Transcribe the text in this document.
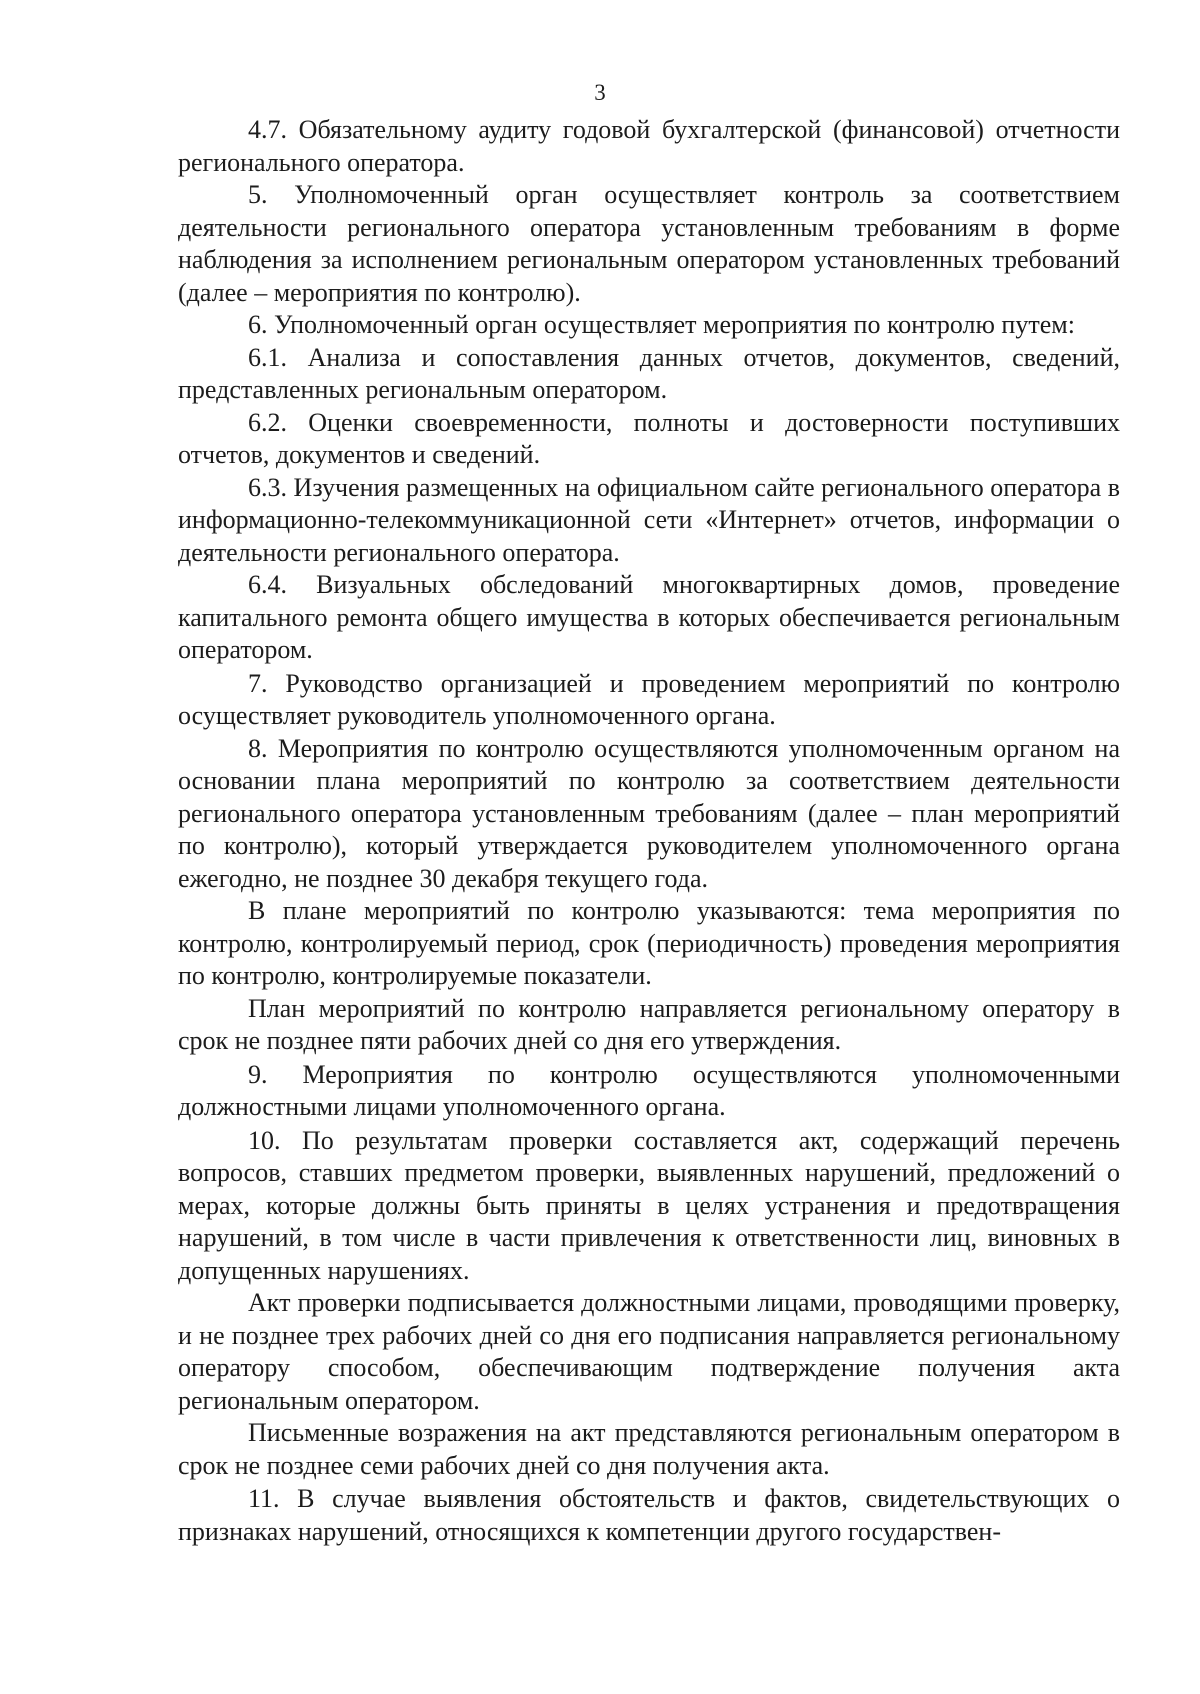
3

4.7. Обязательному аудиту годовой бухгалтерской (финансовой) отчетности регионального оператора.

5. Уполномоченный орган осуществляет контроль за соответствием деятельности регионального оператора установленным требованиям в форме наблюдения за исполнением региональным оператором установленных требований (далее – мероприятия по контролю).

6. Уполномоченный орган осуществляет мероприятия по контролю путем:

6.1. Анализа и сопоставления данных отчетов, документов, сведений, представленных региональным оператором.

6.2. Оценки своевременности, полноты и достоверности поступивших отчетов, документов и сведений.

6.3. Изучения размещенных на официальном сайте регионального оператора в информационно-телекоммуникационной сети «Интернет» отчетов, информации о деятельности регионального оператора.

6.4. Визуальных обследований многоквартирных домов, проведение капитального ремонта общего имущества в которых обеспечивается региональным оператором.

7. Руководство организацией и проведением мероприятий по контролю осуществляет руководитель уполномоченного органа.

8. Мероприятия по контролю осуществляются уполномоченным органом на основании плана мероприятий по контролю за соответствием деятельности регионального оператора установленным требованиям (далее – план мероприятий по контролю), который утверждается руководителем уполномоченного органа ежегодно, не позднее 30 декабря текущего года.

В плане мероприятий по контролю указываются: тема мероприятия по контролю, контролируемый период, срок (периодичность) проведения мероприятия по контролю, контролируемые показатели.

План мероприятий по контролю направляется региональному оператору в срок не позднее пяти рабочих дней со дня его утверждения.

9. Мероприятия по контролю осуществляются уполномоченными должностными лицами уполномоченного органа.

10. По результатам проверки составляется акт, содержащий перечень вопросов, ставших предметом проверки, выявленных нарушений, предложений о мерах, которые должны быть приняты в целях устранения и предотвращения нарушений, в том числе в части привлечения к ответственности лиц, виновных в допущенных нарушениях.

Акт проверки подписывается должностными лицами, проводящими проверку, и не позднее трех рабочих дней со дня его подписания направляется региональному оператору способом, обеспечивающим подтверждение получения акта региональным оператором.

Письменные возражения на акт представляются региональным оператором в срок не позднее семи рабочих дней со дня получения акта.

11. В случае выявления обстоятельств и фактов, свидетельствующих о признаках нарушений, относящихся к компетенции другого государствен-
